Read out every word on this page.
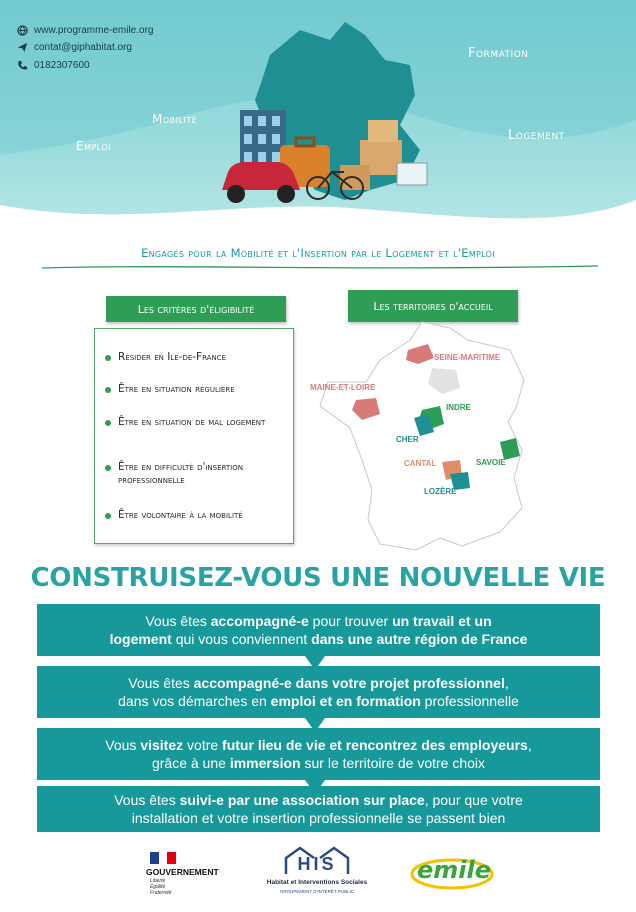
www.programme-emile.org
contat@giphabitat.org
0182307600
Formation
Mobilité
Emploi
Logement
Engagés pour la Mobilité et l'Insertion par le Logement et l'Emploi
Les critères d'éligibilité
Résider en Ile-de-France
Être en situation régulière
Être en situation de mal logement
Être en difficulté d'insertion professionnelle
Être volontaire à la mobilité
Les territoires d'accueil
SEINE-MARITIME
MAINE-ET-LOIRE
INDRE
CHER
CANTAL	SAVOIE
LOZÈRE
CONSTRUISEZ-VOUS UNE NOUVELLE VIE
Vous êtes accompagné-e pour trouver un travail et un
logement qui vous conviennent dans une autre région de France
Vous êtes accompagné-e dans votre projet professionnel,
dans vos démarches en emploi et en formation professionnelle
Vous visitez votre futur lieu de vie et rencontrez des employeurs,
grâce à une immersion sur le territoire de votre choix
Vous êtes suivi-e par une association sur place, pour que votre
installation et votre insertion professionnelle se passent bien
GOUVERNEMENT
Liberté
Égalité
Fraternité
HIS
Habitat et Interventions Sociales
GROUPEMENT D'INTÉRÊT PUBLIC
emile
